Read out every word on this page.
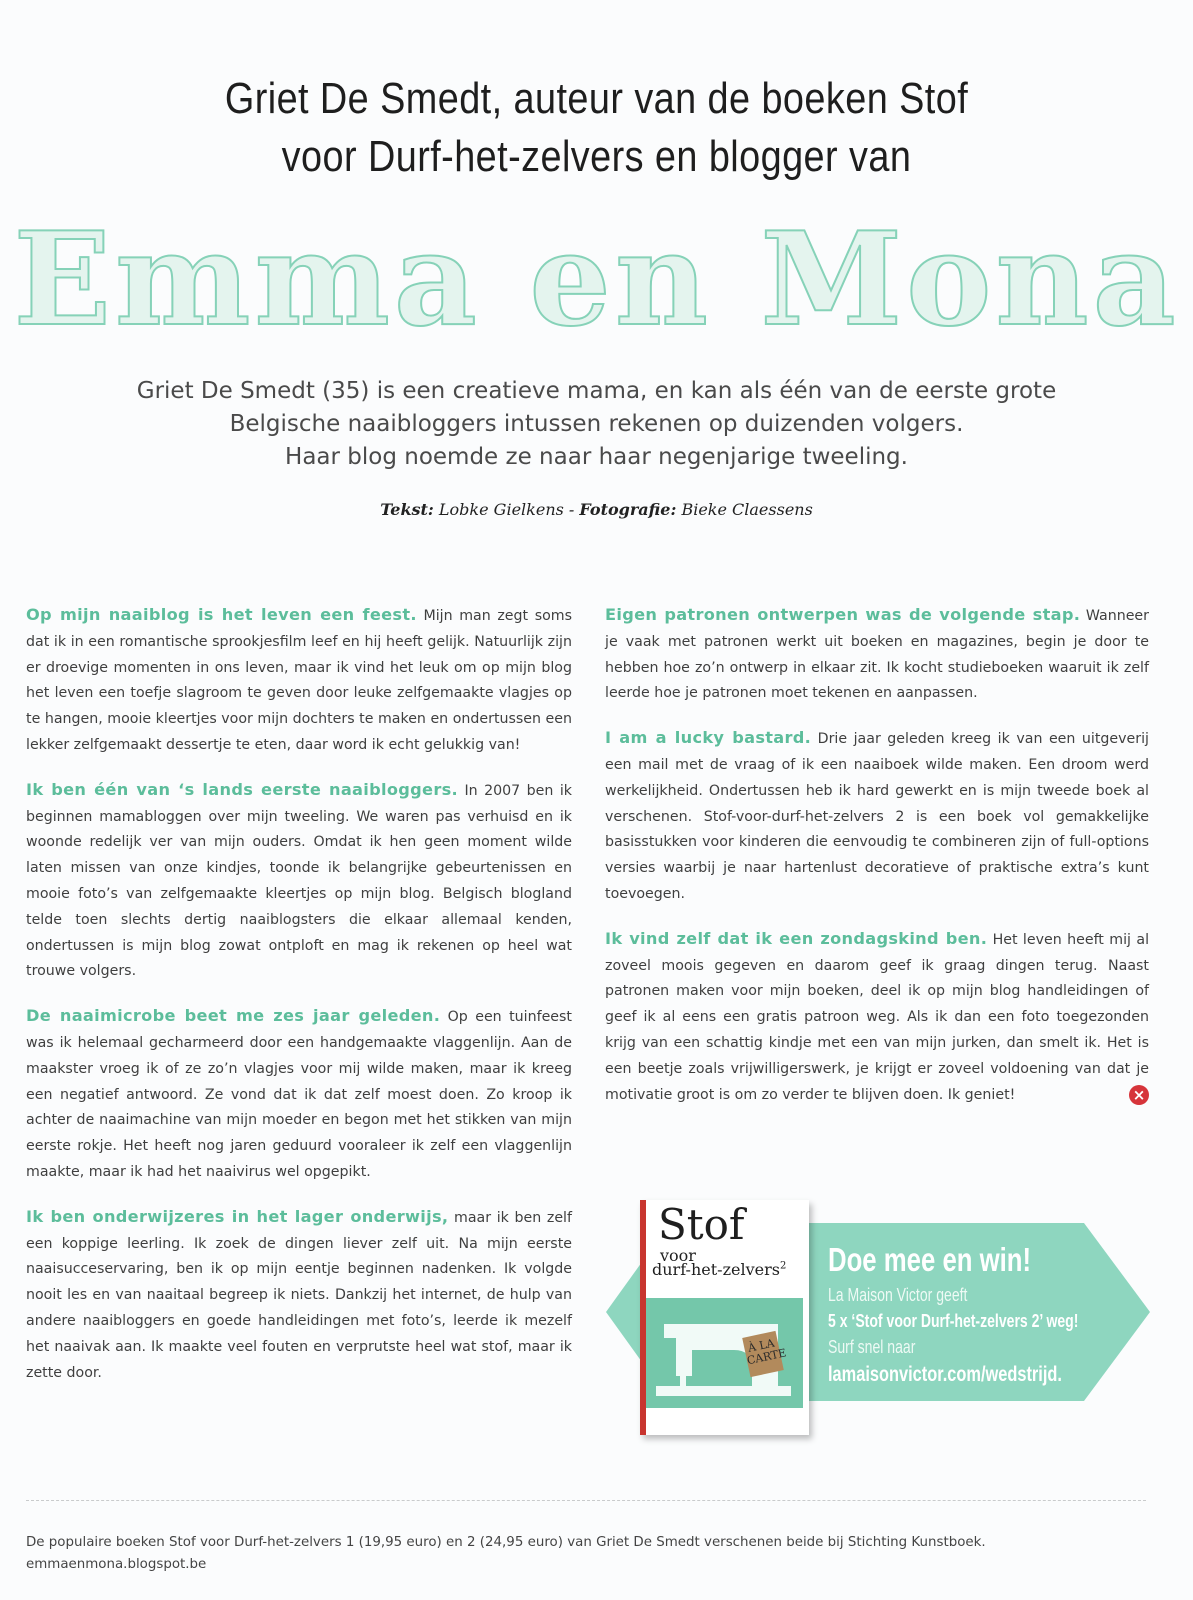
Griet De Smedt, auteur van de boeken Stof
voor Durf-het-zelvers en blogger van
Emma en Mona
Griet De Smedt (35) is een creatieve mama, en kan als één van de eerste grote
Belgische naaibloggers intussen rekenen op duizenden volgers.
Haar blog noemde ze naar haar negenjarige tweeling.
Tekst: Lobke Gielkens - Fotografie: Bieke Claessens

Op mijn naaiblog is het leven een feest. Mijn man zegt soms dat ik in een romantische sprookjesfilm leef en hij heeft gelijk. Natuurlijk zijn er droevige momenten in ons leven, maar ik vind het leuk om op mijn blog het leven een toefje slagroom te geven door leuke zelfgemaakte vlagjes op te hangen, mooie kleertjes voor mijn dochters te maken en ondertussen een lekker zelfgemaakt dessertje te eten, daar word ik echt gelukkig van!

Ik ben één van ‘s lands eerste naaibloggers. In 2007 ben ik beginnen mamabloggen over mijn tweeling. We waren pas verhuisd en ik woonde redelijk ver van mijn ouders. Omdat ik hen geen moment wilde laten missen van onze kindjes, toonde ik belangrijke gebeurtenissen en mooie foto’s van zelfgemaakte kleertjes op mijn blog. Belgisch blogland telde toen slechts dertig naaiblogsters die elkaar allemaal kenden, ondertussen is mijn blog zowat ontploft en mag ik rekenen op heel wat trouwe volgers.

De naaimicrobe beet me zes jaar geleden. Op een tuinfeest was ik helemaal gecharmeerd door een handgemaakte vlaggenlijn. Aan de maakster vroeg ik of ze zo’n vlagjes voor mij wilde maken, maar ik kreeg een negatief antwoord. Ze vond dat ik dat zelf moest doen. Zo kroop ik achter de naaimachine van mijn moeder en begon met het stikken van mijn eerste rokje. Het heeft nog jaren geduurd vooraleer ik zelf een vlaggenlijn maakte, maar ik had het naaivirus wel opgepikt.

Ik ben onderwijzeres in het lager onderwijs, maar ik ben zelf een koppige leerling. Ik zoek de dingen liever zelf uit. Na mijn eerste naaisucceservaring, ben ik op mijn eentje beginnen nadenken. Ik volgde nooit les en van naaitaal begreep ik niets. Dankzij het internet, de hulp van andere naaibloggers en goede handleidingen met foto’s, leerde ik mezelf het naaivak aan. Ik maakte veel fouten en verprutste heel wat stof, maar ik zette door.

Eigen patronen ontwerpen was de volgende stap. Wanneer je vaak met patronen werkt uit boeken en magazines, begin je door te hebben hoe zo’n ontwerp in elkaar zit. Ik kocht studieboeken waaruit ik zelf leerde hoe je patronen moet tekenen en aanpassen.

I am a lucky bastard. Drie jaar geleden kreeg ik van een uitgeverij een mail met de vraag of ik een naaiboek wilde maken. Een droom werd werkelijkheid. Ondertussen heb ik hard gewerkt en is mijn tweede boek al verschenen. Stof-voor-durf-het-zelvers 2 is een boek vol gemakkelijke basisstukken voor kinderen die eenvoudig te combineren zijn of full-options versies waarbij je naar hartenlust decoratieve of praktische extra’s kunt toevoegen.

Ik vind zelf dat ik een zondagskind ben. Het leven heeft mij al zoveel moois gegeven en daarom geef ik graag dingen terug. Naast patronen maken voor mijn boeken, deel ik op mijn blog handleidingen of geef ik al eens een gratis patroon weg. Als ik dan een foto toegezonden krijg van een schattig kindje met een van mijn jurken, dan smelt ik. Het is een beetje zoals vrijwilligerswerk, je krijgt er zoveel voldoening van dat je motivatie groot is om zo verder te blijven doen. Ik geniet!	×

Doe mee en win!
La Maison Victor geeft
5 x ‘Stof voor Durf-het-zelvers 2’ weg!
Surf snel naar
lamaisonvictor.com/wedstrijd.
Stof
voor
durf-het-zelvers$^2$
À LA CARTE
De populaire boeken Stof voor Durf-het-zelvers 1 (19,95 euro) en 2 (24,95 euro) van Griet De Smedt verschenen beide bij Stichting Kunstboek.
emmaenmona.blogspot.be
